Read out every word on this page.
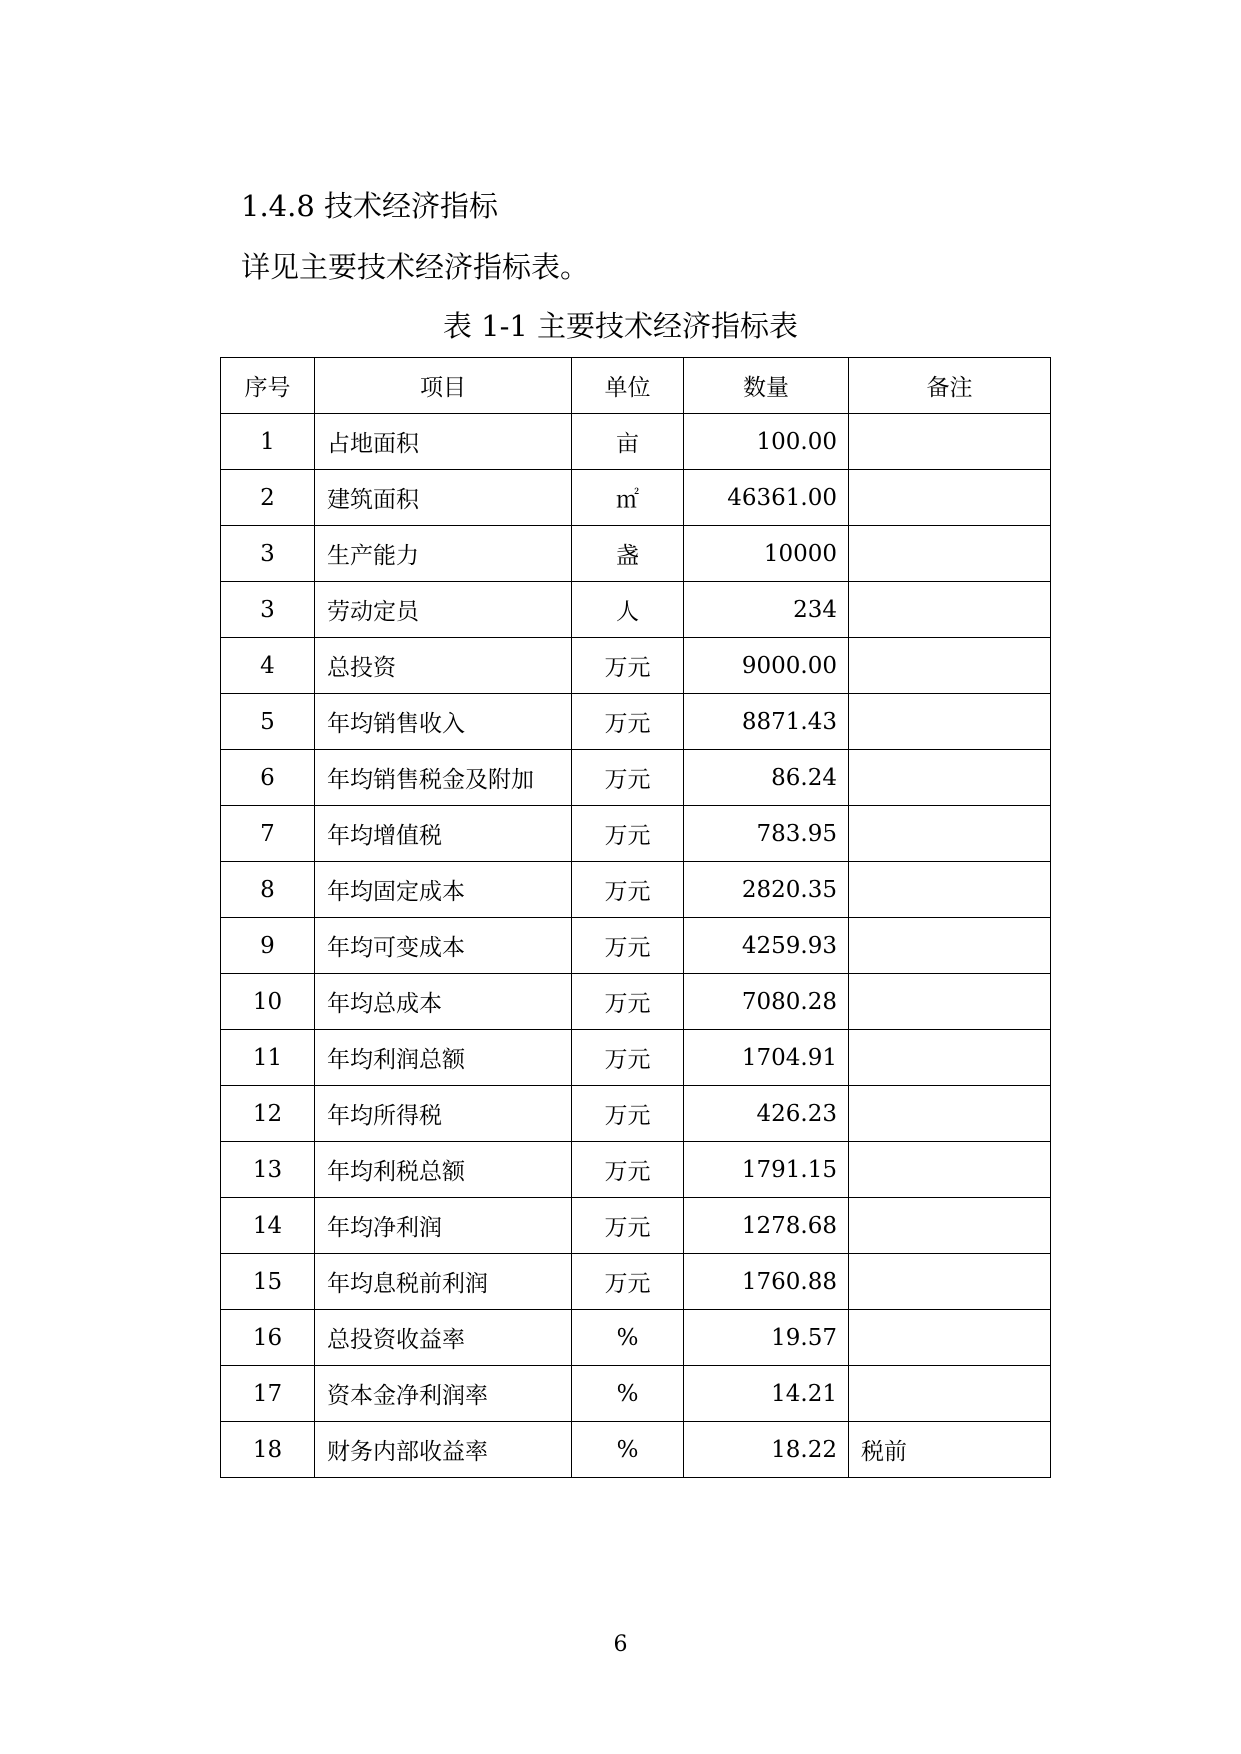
1.4.8 技术经济指标
详见主要技术经济指标表。
表 1-1 主要技术经济指标表
序号	项目	单位	数量	备注
1	占地面积	亩	100.00	
2	建筑面积	㎡	46361.00	
3	生产能力	盏	10000	
3	劳动定员	人	234	
4	总投资	万元	9000.00	
5	年均销售收入	万元	8871.43	
6	年均销售税金及附加	万元	86.24	
7	年均增值税	万元	783.95	
8	年均固定成本	万元	2820.35	
9	年均可变成本	万元	4259.93	
10	年均总成本	万元	7080.28	
11	年均利润总额	万元	1704.91	
12	年均所得税	万元	426.23	
13	年均利税总额	万元	1791.15	
14	年均净利润	万元	1278.68	
15	年均息税前利润	万元	1760.88	
16	总投资收益率	%	19.57	
17	资本金净利润率	%	14.21	
18	财务内部收益率	%	18.22	税前
6
